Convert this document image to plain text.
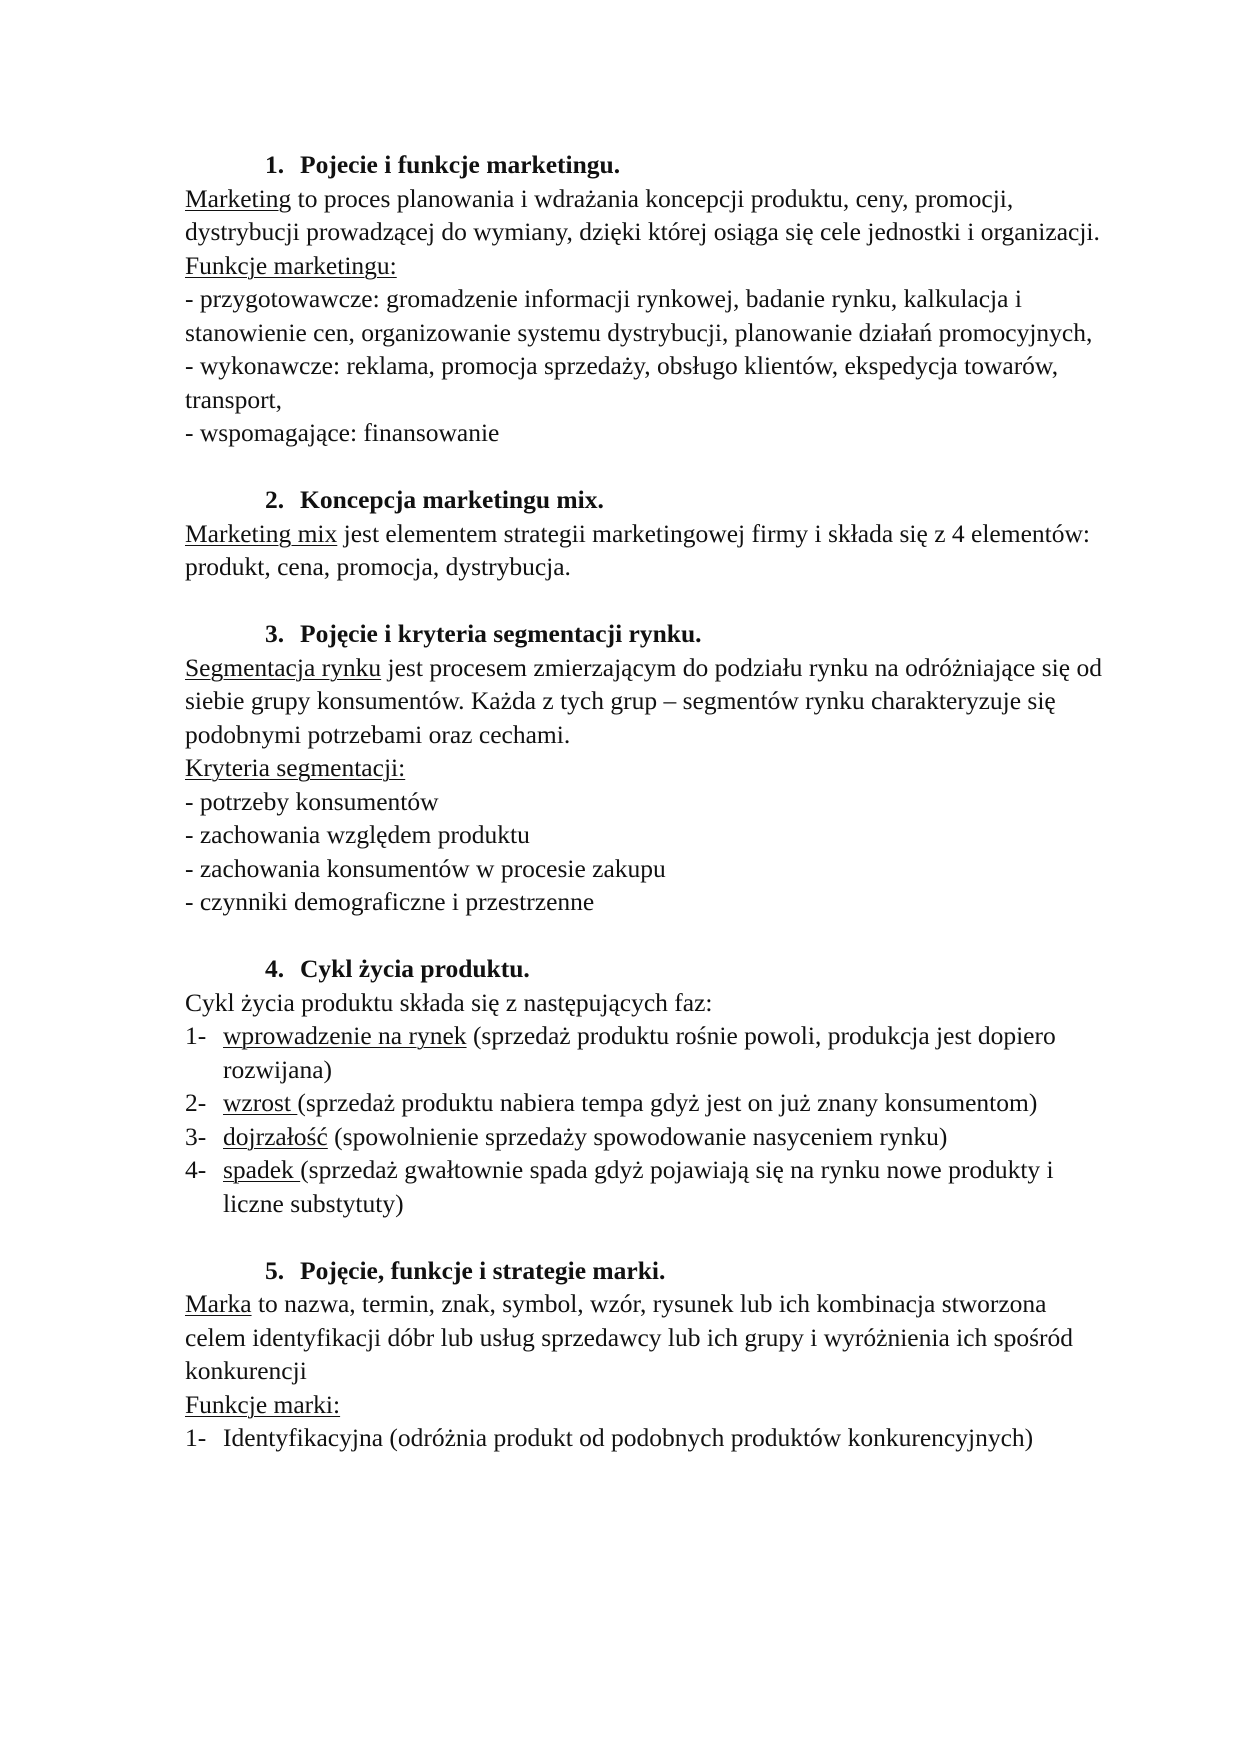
1. Pojecie i funkcje marketingu.

Marketing to proces planowania i wdrażania koncepcji produktu, ceny, promocji, dystrybucji prowadzącej do wymiany, dzięki której osiąga się cele jednostki i organizacji.

Funkcje marketingu:

- przygotowawcze: gromadzenie informacji rynkowej, badanie rynku, kalkulacja i stanowienie cen, organizowanie systemu dystrybucji, planowanie działań promocyjnych,

- wykonawcze: reklama, promocja sprzedaży, obsługo klientów, ekspedycja towarów, transport,

- wspomagające: finansowanie

2. Koncepcja marketingu mix.

Marketing mix jest elementem strategii marketingowej firmy i składa się z 4 elementów: produkt, cena, promocja, dystrybucja.

3. Pojęcie i kryteria segmentacji rynku.

Segmentacja rynku jest procesem zmierzającym do podziału rynku na odróżniające się od siebie grupy konsumentów. Każda z tych grup – segmentów rynku charakteryzuje się podobnymi potrzebami oraz cechami.

Kryteria segmentacji:

- potrzeby konsumentów

- zachowania względem produktu

- zachowania konsumentów w procesie zakupu

- czynniki demograficzne i przestrzenne

4. Cykl życia produktu.

Cykl życia produktu składa się z następujących faz:

1- wprowadzenie na rynek (sprzedaż produktu rośnie powoli, produkcja jest dopiero rozwijana)
2- wzrost (sprzedaż produktu nabiera tempa gdyż jest on już znany konsumentom)
3- dojrzałość (spowolnienie sprzedaży spowodowanie nasyceniem rynku)
4- spadek (sprzedaż gwałtownie spada gdyż pojawiają się na rynku nowe produkty i liczne substytuty)
5. Pojęcie, funkcje i strategie marki.

Marka to nazwa, termin, znak, symbol, wzór, rysunek lub ich kombinacja stworzona celem identyfikacji dóbr lub usług sprzedawcy lub ich grupy i wyróżnienia ich spośród konkurencji

Funkcje marki:

1- Identyfikacyjna (odróżnia produkt od podobnych produktów konkurencyjnych)
